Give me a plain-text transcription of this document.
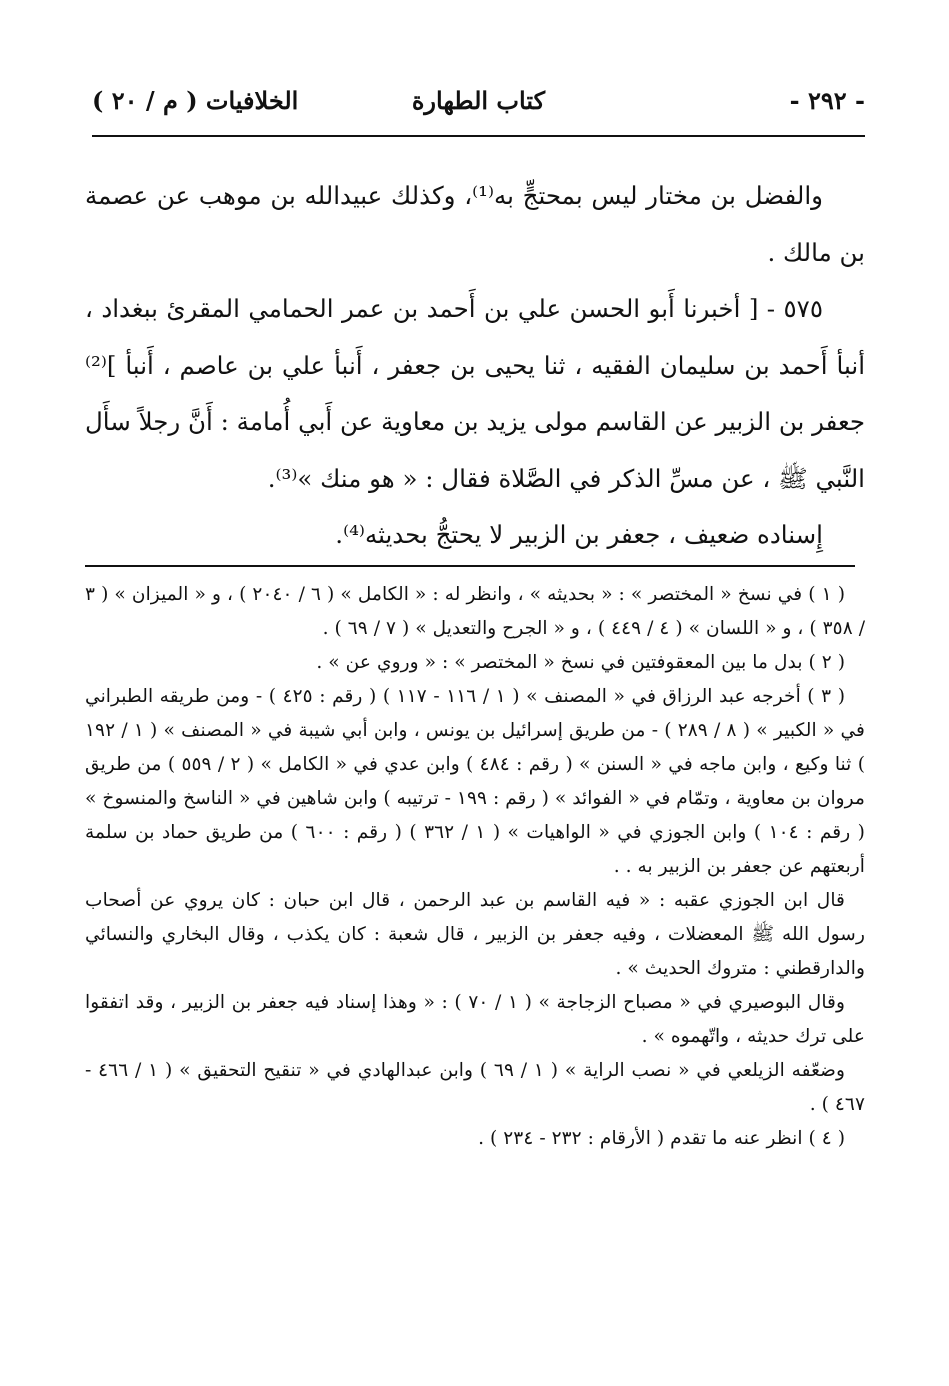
- ٢٩٢ -
كتاب الطهارة
الخلافيات ( م / ٢٠ )

والفضل بن مختار ليس بمحتجٍّ به⁽¹⁾، وكذلك عبيدالله بن موهب عن عصمة بن مالك .

٥٧٥ - [ أخبرنا أَبو الحسن علي بن أَحمد بن عمر الحمامي المقرئ ببغداد ، أنبأ أَحمد بن سليمان الفقيه ، ثنا يحيى بن جعفر ، أَنبأ علي بن عاصم ، أَنبأ ]⁽²⁾ جعفر بن الزبير عن القاسم مولى يزيد بن معاوية عن أَبي أُمامة : أَنَّ رجلاً سأَل النَّبي ﷺ ، عن مسِّ الذكر في الصَّلاة فقال : « هو منك »⁽³⁾.

إِسناده ضعيف ، جعفر بن الزبير لا يحتجُّ بحديثه⁽⁴⁾.

( ١ ) في نسخ « المختصر » : « بحديثه » ، وانظر له : « الكامل » ( ٦ / ٢٠٤٠ ) ، و « الميزان » ( ٣ / ٣٥٨ ) ، و « اللسان » ( ٤ / ٤٤٩ ) ، و « الجرح والتعديل » ( ٧ / ٦٩ ) .

( ٢ ) بدل ما بين المعقوفتين في نسخ « المختصر » : « وروي عن » .

( ٣ ) أخرجه عبد الرزاق في « المصنف » ( ١ / ١١٦ - ١١٧ ) ( رقم : ٤٢٥ ) - ومن طريقه الطبراني في « الكبير » ( ٨ / ٢٨٩ ) - من طريق إسرائيل بن يونس ، وابن أبي شيبة في « المصنف » ( ١ / ١٩٢ ) ثنا وكيع ، وابن ماجه في « السنن » ( رقم : ٤٨٤ ) وابن عدي في « الكامل » ( ٢ / ٥٥٩ ) من طريق مروان بن معاوية ، وتمّام في « الفوائد » ( رقم : ١٩٩ - ترتيبه ) وابن شاهين في « الناسخ والمنسوخ » ( رقم : ١٠٤ ) وابن الجوزي في « الواهيات » ( ١ / ٣٦٢ ) ( رقم : ٦٠٠ ) من طريق حماد بن سلمة أربعتهم عن جعفر بن الزبير به . .

قال ابن الجوزي عقبه : « فيه القاسم بن عبد الرحمن ، قال ابن حبان : كان يروي عن أصحاب رسول الله ﷺ المعضلات ، وفيه جعفر بن الزبير ، قال شعبة : كان يكذب ، وقال البخاري والنسائي والدارقطني : متروك الحديث » .

وقال البوصيري في « مصباح الزجاجة » ( ١ / ٧٠ ) : « وهذا إسناد فيه جعفر بن الزبير ، وقد اتفقوا على ترك حديثه ، واتّهموه » .

وضعّفه الزيلعي في « نصب الراية » ( ١ / ٦٩ ) وابن عبدالهادي في « تنقيح التحقيق » ( ١ / ٤٦٦ - ٤٦٧ ) .

( ٤ ) انظر عنه ما تقدم ( الأرقام : ٢٣٢ - ٢٣٤ ) .
